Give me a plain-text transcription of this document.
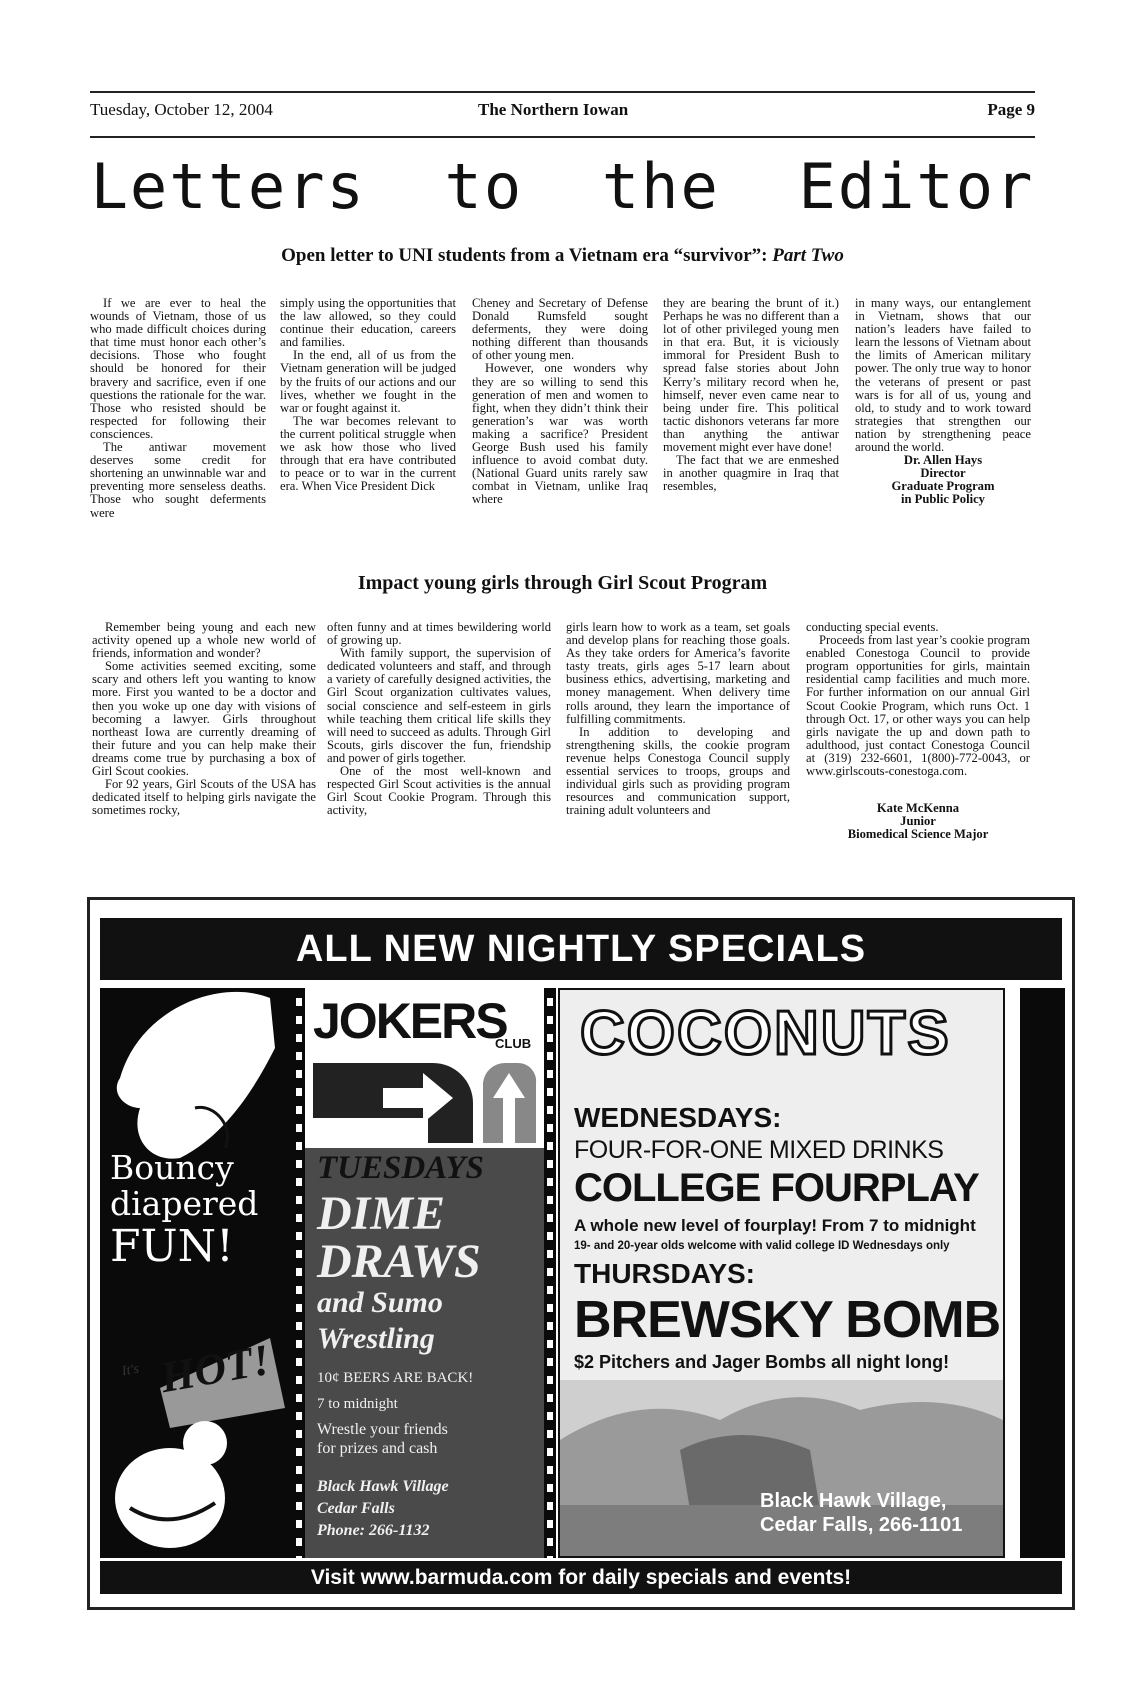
Tuesday, October 12, 2004	The Northern Iowan	Page 9
Letters  to  the  Editor
Open letter to UNI students from a Vietnam era “survivor”: Part Two

If we are ever to heal the wounds of Vietnam, those of us who made difficult choices during that time must honor each other’s decisions. Those who fought should be honored for their bravery and sacrifice, even if one questions the rationale for the war. Those who resisted should be respected for following their consciences.

The antiwar movement deserves some credit for shortening an unwinnable war and preventing more senseless deaths. Those who sought deferments were

simply using the opportunities that the law allowed, so they could continue their education, careers and families.

In the end, all of us from the Vietnam generation will be judged by the fruits of our actions and our lives, whether we fought in the war or fought against it.

The war becomes relevant to the current political struggle when we ask how those who lived through that era have contributed to peace or to war in the current era. When Vice President Dick

Cheney and Secretary of Defense Donald Rumsfeld sought deferments, they were doing nothing different than thousands of other young men.

However, one wonders why they are so willing to send this generation of men and women to fight, when they didn’t think their generation’s war was worth making a sacrifice? President George Bush used his family influence to avoid combat duty. (National Guard units rarely saw combat in Vietnam, unlike Iraq where

they are bearing the brunt of it.) Perhaps he was no different than a lot of other privileged young men in that era. But, it is viciously immoral for President Bush to spread false stories about John Kerry’s military record when he, himself, never even came near to being under fire. This political tactic dishonors veterans far more than anything the antiwar movement might ever have done!

The fact that we are enmeshed in another quagmire in Iraq that resembles,

in many ways, our entanglement in Vietnam, shows that our nation’s leaders have failed to learn the lessons of Vietnam about the limits of American military power. The only true way to honor the veterans of present or past wars is for all of us, young and old, to study and to work toward strategies that strengthen our nation by strengthening peace around the world.

Dr. Allen Hays

Director

Graduate Program

in Public Policy

Impact young girls through Girl Scout Program

Remember being young and each new activity opened up a whole new world of friends, information and wonder?

Some activities seemed exciting, some scary and others left you wanting to know more. First you wanted to be a doctor and then you woke up one day with visions of becoming a lawyer. Girls throughout northeast Iowa are currently dreaming of their future and you can help make their dreams come true by purchasing a box of Girl Scout cookies.

For 92 years, Girl Scouts of the USA has dedicated itself to helping girls navigate the sometimes rocky,

often funny and at times bewildering world of growing up.

With family support, the supervision of dedicated volunteers and staff, and through a variety of carefully designed activities, the Girl Scout organization cultivates values, social conscience and self-esteem in girls while teaching them critical life skills they will need to succeed as adults. Through Girl Scouts, girls discover the fun, friendship and power of girls together.

One of the most well-known and respected Girl Scout activities is the annual Girl Scout Cookie Program. Through this activity,

girls learn how to work as a team, set goals and develop plans for reaching those goals. As they take orders for America’s favorite tasty treats, girls ages 5-17 learn about business ethics, advertising, marketing and money management. When delivery time rolls around, they learn the importance of fulfilling commitments.

In addition to developing and strengthening skills, the cookie program revenue helps Conestoga Council supply essential services to troops, groups and individual girls such as providing program resources and communication support, training adult volunteers and

conducting special events.

Proceeds from last year’s cookie program enabled Conestoga Council to provide program opportunities for girls, maintain residential camp facilities and much more. For further information on our annual Girl Scout Cookie Program, which runs Oct. 1 through Oct. 17, or other ways you can help girls navigate the up and down path to adulthood, just contact Conestoga Council at (319) 232-6601, 1(800)-772-0043, or www.girlscouts-conestoga.com.

Kate McKenna

Junior

Biomedical Science Major

ALL NEW NIGHTLY SPECIALS
Bouncy
diapered
FUN!
HOT!
It's
JOKERS
CLUB
TUESDAYS
DIME
DRAWS
and Sumo
Wrestling
10¢ BEERS ARE BACK!
7 to midnight
Wrestle your friends
for prizes and cash
Black Hawk Village
Cedar Falls
Phone: 266-1132
COCONUTS
WEDNESDAYS:
FOUR-FOR-ONE MIXED DRINKS
COLLEGE FOURPLAY
A whole new level of fourplay! From 7 to midnight
19- and 20-year olds welcome with valid college ID Wednesdays only
THURSDAYS:
BREWSKY BOMB
$2 Pitchers and Jager Bombs all night long!
Black Hawk Village,
Cedar Falls, 266-1101
Visit www.barmuda.com for daily specials and events!
